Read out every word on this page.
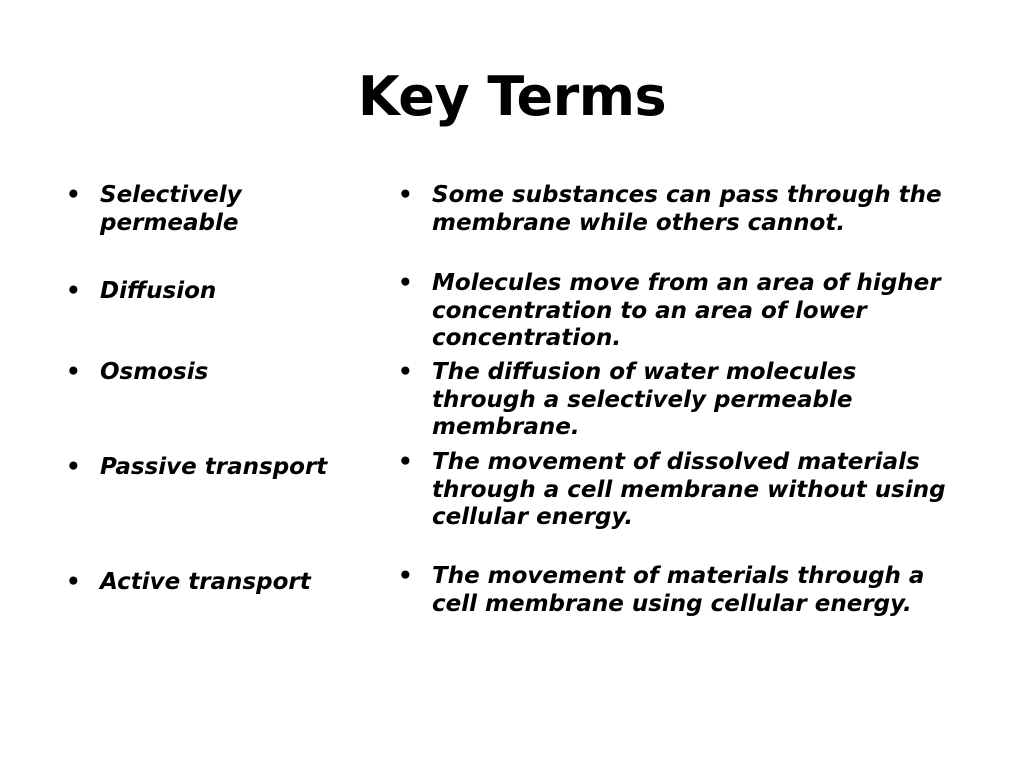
Key Terms
• Selectively permeable
• Diffusion
• Osmosis
• Passive transport
• Active transport
• Some substances can pass through the membrane while others cannot.
• Molecules move from an area of higher concentration to an area of lower concentration.
• The diffusion of water molecules through a selectively permeable membrane.
• The movement of dissolved materials through a cell membrane without using cellular energy.
• The movement of materials through a cell membrane using cellular energy.
